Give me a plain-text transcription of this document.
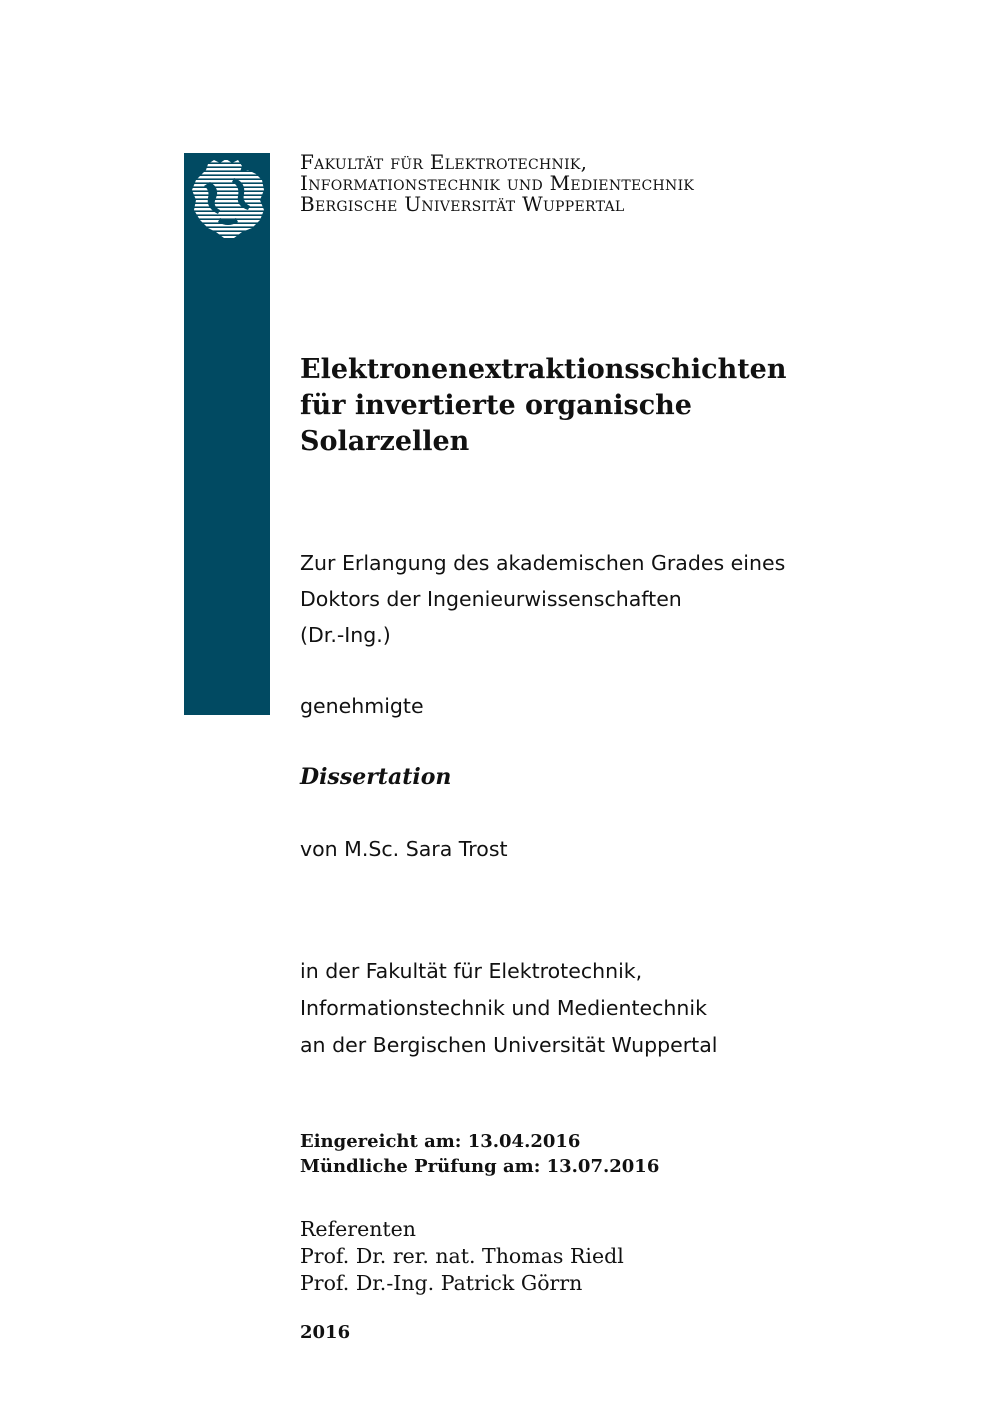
Fakultät für Elektrotechnik,
Informationstechnik und Medientechnik
Bergische Universität Wuppertal
Elektronenextraktionsschichten
für invertierte organische
Solarzellen
Zur Erlangung des akademischen Grades eines
Doktors der Ingenieurwissenschaften
(Dr.-Ing.)
genehmigte
Dissertation
von M.Sc. Sara Trost
in der Fakultät für Elektrotechnik,
Informationstechnik und Medientechnik
an der Bergischen Universität Wuppertal
Eingereicht am: 13.04.2016
Mündliche Prüfung am: 13.07.2016
Referenten
Prof. Dr. rer. nat. Thomas Riedl
Prof. Dr.-Ing. Patrick Görrn
2016
